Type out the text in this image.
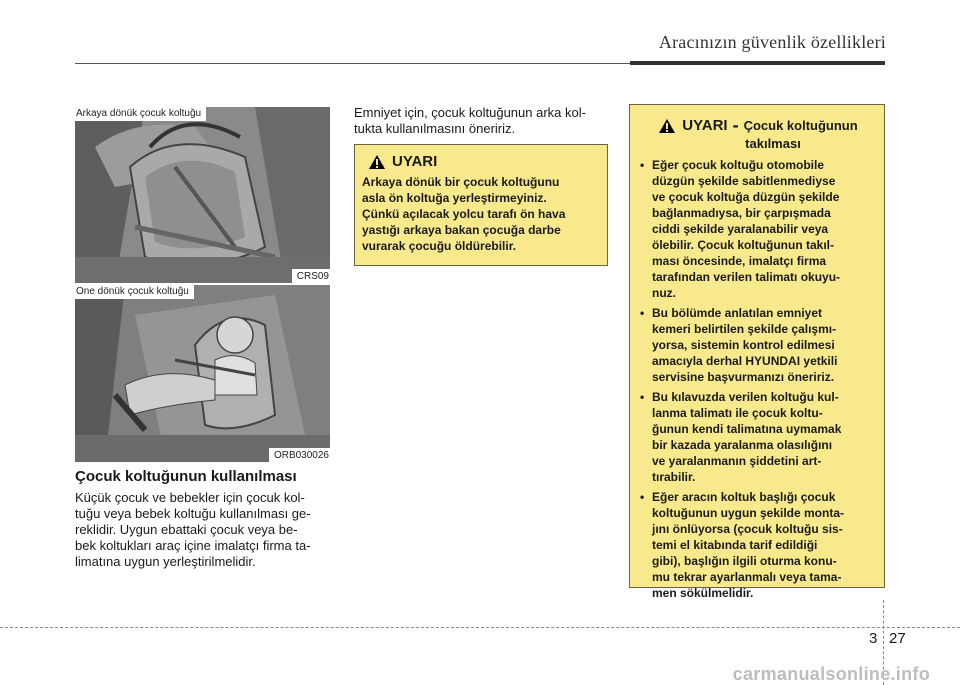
Aracınızın güvenlik özellikleri
Arkaya dönük çocuk koltuğu
CRS09
One dönük çocuk koltuğu
ORB030026
Çocuk koltuğunun kullanılması
Küçük çocuk ve bebekler için çocuk kol-
tuğu veya bebek koltuğu kullanılması ge-
reklidir. Uygun ebattaki çocuk veya be-
bek koltukları araç içine imalatçı firma ta-
limatına uygun yerleştirilmelidir.
Emniyet için, çocuk koltuğunun arka kol-
tukta kullanılmasını öneririz.
UYARI
Arkaya dönük bir çocuk koltuğunu
asla ön koltuğa yerleştirmeyiniz.
Çünkü açılacak yolcu tarafı ön hava
yastığı arkaya bakan çocuğa darbe
vurarak çocuğu öldürebilir.
UYARI - Çocuk koltuğunun
takılması
• Eğer çocuk koltuğu otomobile
düzgün şekilde sabitlenmediyse
ve çocuk koltuğa düzgün şekilde
bağlanmadıysa, bir çarpışmada
ciddi şekilde yaralanabilir veya
ölebilir. Çocuk koltuğunun takıl-
ması öncesinde, imalatçı firma
tarafından verilen talimatı okuyu-
nuz.
• Bu bölümde anlatılan emniyet
kemeri belirtilen şekilde çalışmı-
yorsa, sistemin kontrol edilmesi
amacıyla derhal HYUNDAI yetkili
servisine başvurmanızı öneririz.
• Bu kılavuzda verilen koltuğu kul-
lanma talimatı ile çocuk koltu-
ğunun kendi talimatına uymamak
bir kazada yaralanma olasılığını
ve yaralanmanın şiddetini art-
tırabilir.
• Eğer aracın koltuk başlığı çocuk
koltuğunun uygun şekilde monta-
jını önlüyorsa (çocuk koltuğu sis-
temi el kitabında tarif edildiği
gibi), başlığın ilgili oturma konu-
mu tekrar ayarlanmalı veya tama-
men sökülmelidir.
3 27
carmanualsonline.info
